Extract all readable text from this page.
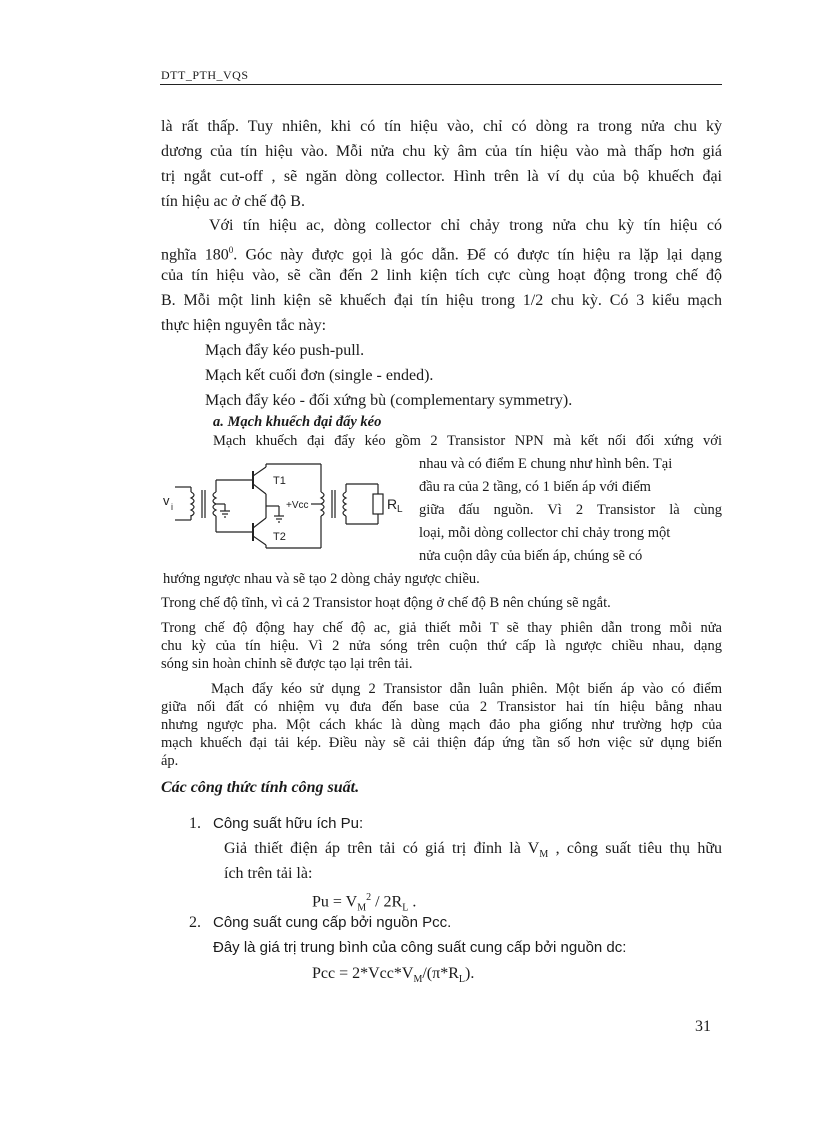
DTT_PTH_VQS
là rất thấp. Tuy nhiên, khi có tín hiệu vào, chỉ có dòng ra trong nửa chu kỳ
dương của tín hiệu vào. Mỗi nửa chu kỳ âm của tín hiệu vào mà thấp hơn giá
trị ngắt cut-off , sẽ ngăn dòng collector. Hình trên là ví dụ của bộ khuếch đại
tín hiệu ac ở chế độ B.
Với tín hiệu ac, dòng collector chỉ chảy trong nửa chu kỳ tín hiệu có
nghĩa $180^0$. Góc này được gọi là góc dẫn. Để có được tín hiệu ra lặp lại dạng
của tín hiệu vào, sẽ cần đến 2 linh kiện tích cực cùng hoạt động trong chế độ
B. Mỗi một linh kiện sẽ khuếch đại tín hiệu trong 1/2 chu kỳ. Có 3 kiểu mạch
thực hiện nguyên tắc này:
Mạch đẩy kéo push-pull.
Mạch kết cuối đơn (single - ended).
Mạch đẩy kéo - đối xứng bù (complementary symmetry).
a. Mạch khuếch đại đẩy kéo
Mạch khuếch đại đẩy kéo gồm 2 Transistor NPN mà kết nối đối xứng với
nhau và có điểm E chung như hình bên. Tại
đầu ra của 2 tầng, có 1 biến áp với điểm
giữa đấu nguồn. Vì 2 Transistor là cùng
loại, mỗi dòng collector chỉ chảy trong một
nửa cuộn dây của biến áp, chúng sẽ có
hướng ngược nhau và sẽ tạo 2 dòng chảy ngược chiều.
v i
T1
T2
+Vcc	R L
Trong chế độ tĩnh, vì cả 2 Transistor hoạt động ở chế độ B nên chúng sẽ ngắt.
Trong chế độ động hay chế độ ac, giả thiết mỗi T sẽ thay phiên dẫn trong mỗi nửa
chu kỳ của tín hiệu. Vì 2 nửa sóng trên cuộn thứ cấp là ngược chiều nhau, dạng
sóng sin hoàn chỉnh sẽ được tạo lại trên tải.
Mạch đẩy kéo sử dụng 2 Transistor dẫn luân phiên. Một biến áp vào có điểm
giữa nối đất có nhiệm vụ đưa đến base của 2 Transistor hai tín hiệu bằng nhau
nhưng ngược pha. Một cách khác là dùng mạch đảo pha giống như trường hợp của
mạch khuếch đại tải kép. Điều này sẽ cải thiện đáp ứng tần số hơn việc sử dụng biến
áp.
Các công thức tính công suất.
1. Công suất hữu ích Pu:
Giả thiết điện áp trên tải có giá trị đỉnh là $V_M$ , công suất tiêu thụ hữu
ích trên tải là:
$Pu = V_M^2 / 2R_L$ .
2. Công suất cung cấp bởi nguồn Pcc.
Đây là giá trị trung bình của công suất cung cấp bởi nguồn dc:
Pcc = $2*Vcc*V_M/(\pi*R_L)$.
31
